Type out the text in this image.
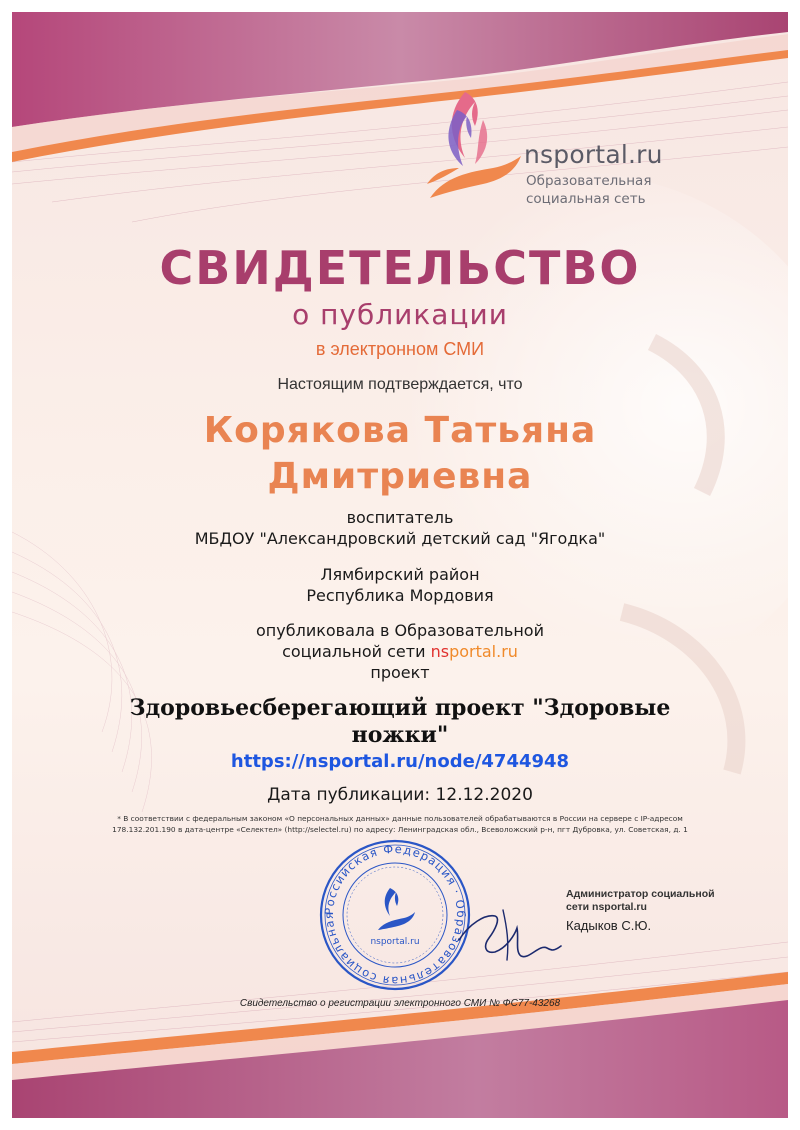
nsportal.ru
Образовательная
социальная сеть
СВИДЕТЕЛЬСТВО
о публикации
в электронном СМИ
Настоящим подтверждается, что
Корякова Татьяна
Дмитриевна
воспитатель
МБДОУ "Александровский детский сад "Ягодка"
Лямбирский район
Республика Мордовия
опубликовала в Образовательной
социальной сети nsportal.ru
проект
Здоровьесберегающий проект "Здоровые
ножки"
https://nsportal.ru/node/4744948
Дата публикации: 12.12.2020
* В соответствии с федеральным законом «О персональных данных» данные пользователей обрабатываются в России на сервере с IP-адресом
178.132.201.190 в дата-центре «Селектел» (http://selectel.ru) по адресу: Ленинградская обл., Всеволожский р-н, пгт Дубровка, ул. Советская, д. 1
Российская Федерация · Образовательная социальная
nsportal.ru
Администратор социальной
сети nsportal.ru
Кадыков С.Ю.
Свидетельство о регистрации электронного СМИ № ФС77-43268
